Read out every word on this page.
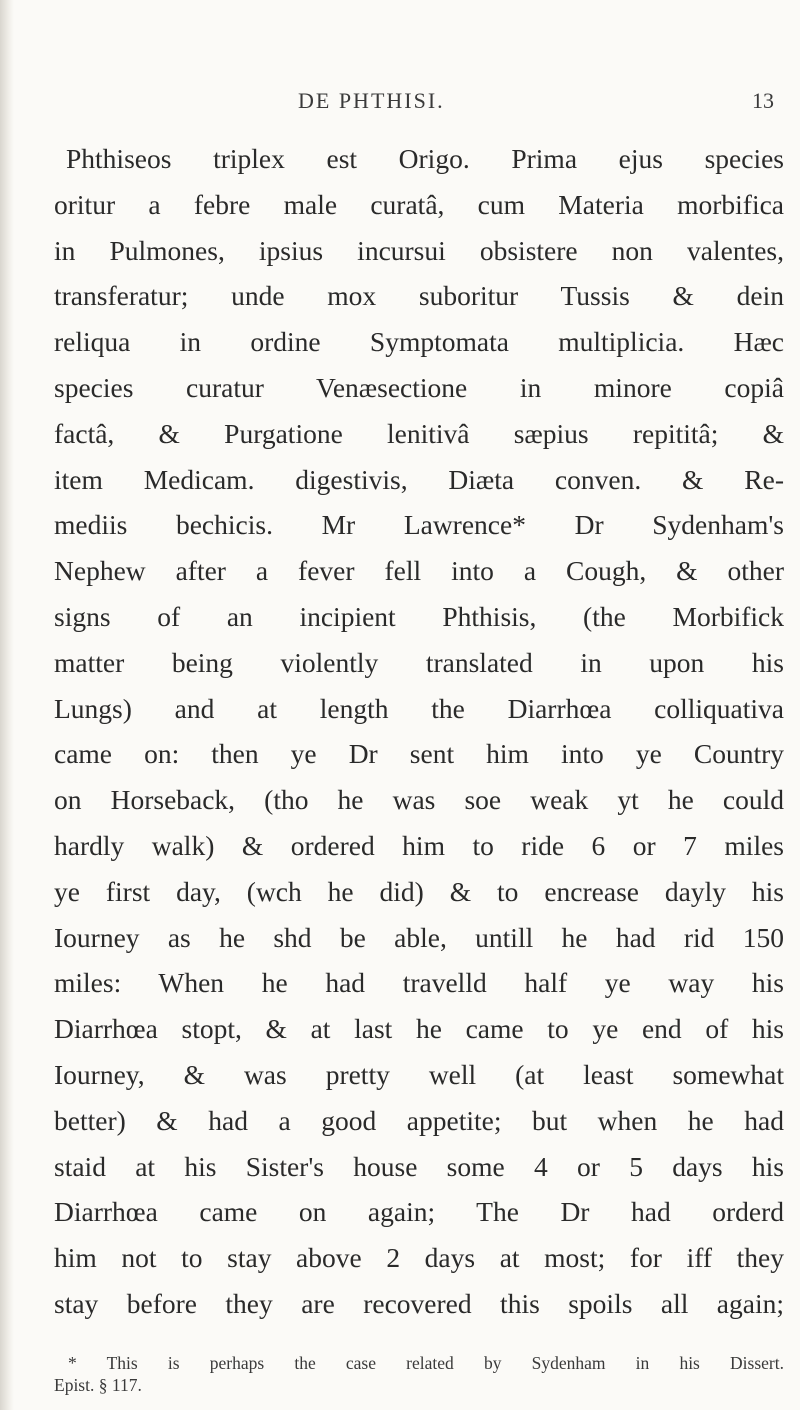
DE PHTHISI.	13
Phthiseos triplex est Origo. Prima ejus species
oritur a febre male curatâ, cum Materia morbifica
in Pulmones, ipsius incursui obsistere non valentes,
transferatur; unde mox suboritur Tussis & dein
reliqua in ordine Symptomata multiplicia. Hæc
species curatur Venæsectione in minore copiâ
factâ, & Purgatione lenitivâ sæpius repititâ; &
item Medicam. digestivis, Diæta conven. & Re-
mediis bechicis. Mr Lawrence* Dr Sydenham's
Nephew after a fever fell into a Cough, & other
signs of an incipient Phthisis, (the Morbifick
matter being violently translated in upon his
Lungs) and at length the Diarrhœa colliquativa
came on: then ye Dr sent him into ye Country
on Horseback, (tho he was soe weak yt he could
hardly walk) & ordered him to ride 6 or 7 miles
ye first day, (wch he did) & to encrease dayly his
Iourney as he shd be able, untill he had rid 150
miles: When he had travelld half ye way his
Diarrhœa stopt, & at last he came to ye end of his
Iourney, & was pretty well (at least somewhat
better) & had a good appetite; but when he had
staid at his Sister's house some 4 or 5 days his
Diarrhœa came on again; The Dr had orderd
him not to stay above 2 days at most; for iff they
stay before they are recovered this spoils all again;
* This is perhaps the case related by Sydenham in his Dissert.
Epist. § 117.
